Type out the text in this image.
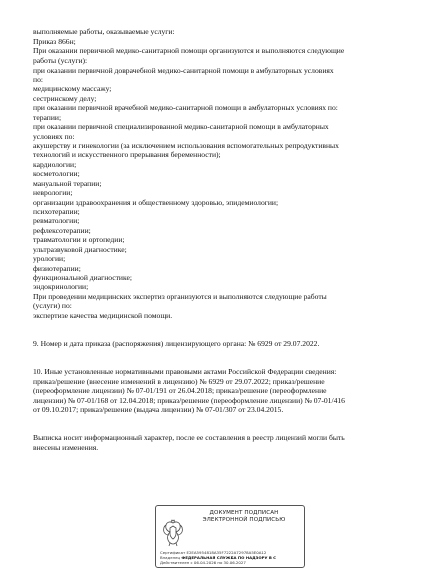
выполняемые работы, оказываемые услуги:
Приказ 866н;
При оказании первичной медико-санитарной помощи организуются и выполняются следующие
работы (услуги):
при оказании первичной доврачебной медико-санитарной помощи в амбулаторных условиях
по:
медицинскому массажу;
сестринскому делу;
при оказании первичной врачебной медико-санитарной помощи в амбулаторных условиях по:
терапии;
при оказании первичной специализированной медико-санитарной помощи в амбулаторных
условиях по:
акушерству и гинекологии (за исключением использования вспомогательных репродуктивных
технологий и искусственного прерывания беременности);
кардиологии;
косметологии;
мануальной терапии;
неврологии;
организации здравоохранения и общественному здоровью, эпидемиологии;
психотерапии;
ревматологии;
рефлексотерапии;
травматологии и ортопедии;
ультразвуковой диагностике;
урологии;
физиотерапии;
функциональной диагностике;
эндокринологии;
При проведении медицинских экспертиз организуются и выполняются следующие работы
(услуги) по:
экспертизе качества медицинской помощи.
9. Номер и дата приказа (распоряжения) лицензирующего органа: № 6929 от 29.07.2022.
10. Иные установленные нормативными правовыми актами Российской Федерации сведения:
приказ/решение (внесение изменений в лицензию) № 6929 от 29.07.2022; приказ/решение
(переоформление лицензии) № 07-01/191 от 26.04.2018; приказ/решение (переоформление
лицензии) № 07-01/168 от 12.04.2018; приказ/решение (переоформление лицензии) № 07-01/416
от 09.10.2017; приказ/решение (выдача лицензии) № 07-01/307 от 23.04.2015.
Выписка носит информационный характер, после ее составления в реестр лицензий могли быть
внесены изменения.
ДОКУМЕНТ ПОДПИСАН
ЭЛЕКТРОННОЙ ПОДПИСЬЮ
Сертификат E2EA5954818A35F7222A72978A5E0A12
Владелец ФЕДЕРАЛЬНАЯ СЛУЖБА ПО НАДЗОРУ В С
Действителен с 06.04.2026 по 30.06.2027
